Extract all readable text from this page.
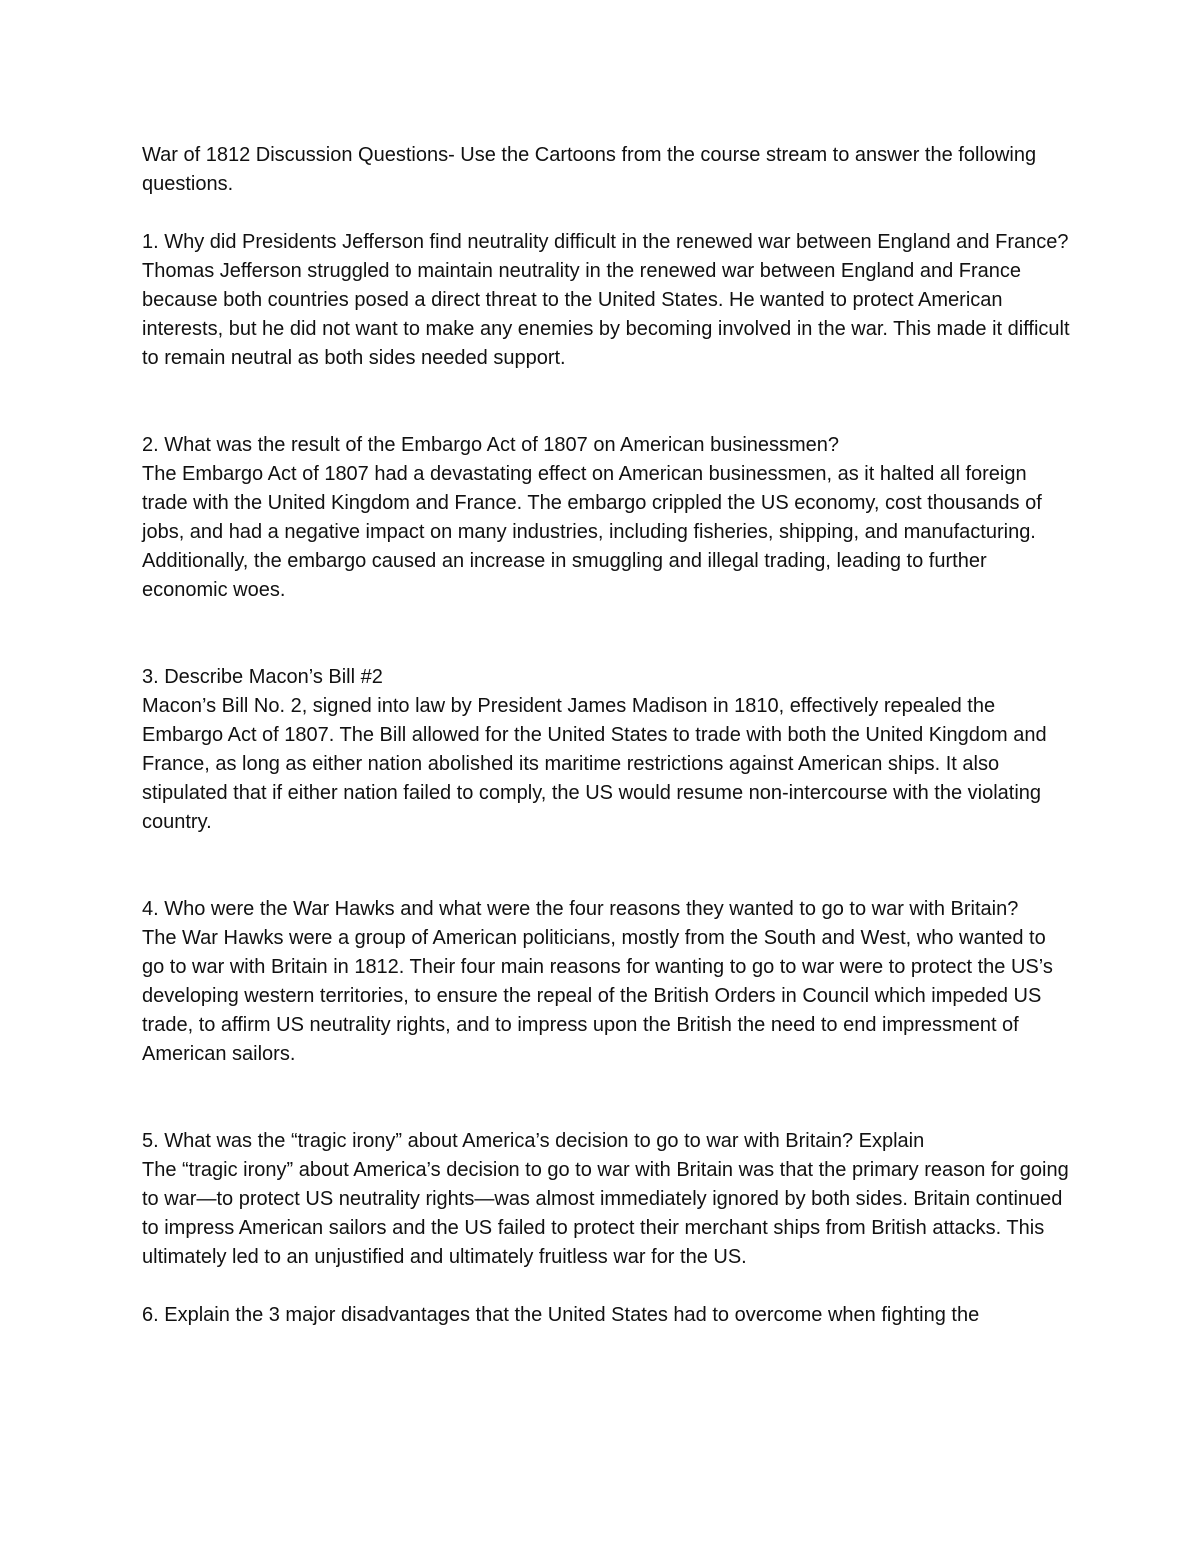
War of 1812 Discussion Questions- Use the Cartoons from the course stream to answer the following questions.

1. Why did Presidents Jefferson find neutrality difficult in the renewed war between England and France?

Thomas Jefferson struggled to maintain neutrality in the renewed war between England and France because both countries posed a direct threat to the United States. He wanted to protect American interests, but he did not want to make any enemies by becoming involved in the war. This made it difficult to remain neutral as both sides needed support.

2. What was the result of the Embargo Act of 1807 on American businessmen?

The Embargo Act of 1807 had a devastating effect on American businessmen, as it halted all foreign trade with the United Kingdom and France. The embargo crippled the US economy, cost thousands of jobs, and had a negative impact on many industries, including fisheries, shipping, and manufacturing. Additionally, the embargo caused an increase in smuggling and illegal trading, leading to further economic woes.

3. Describe Macon’s Bill #2

Macon’s Bill No. 2, signed into law by President James Madison in 1810, effectively repealed the Embargo Act of 1807. The Bill allowed for the United States to trade with both the United Kingdom and France, as long as either nation abolished its maritime restrictions against American ships. It also stipulated that if either nation failed to comply, the US would resume non-intercourse with the violating country.

4. Who were the War Hawks and what were the four reasons they wanted to go to war with Britain?

The War Hawks were a group of American politicians, mostly from the South and West, who wanted to go to war with Britain in 1812. Their four main reasons for wanting to go to war were to protect the US’s developing western territories, to ensure the repeal of the British Orders in Council which impeded US trade, to affirm US neutrality rights, and to impress upon the British the need to end impressment of American sailors.

5. What was the “tragic irony” about America’s decision to go to war with Britain? Explain

The “tragic irony” about America’s decision to go to war with Britain was that the primary reason for going to war—to protect US neutrality rights—was almost immediately ignored by both sides. Britain continued to impress American sailors and the US failed to protect their merchant ships from British attacks. This ultimately led to an unjustified and ultimately fruitless war for the US.

6. Explain the 3 major disadvantages that the United States had to overcome when fighting the
